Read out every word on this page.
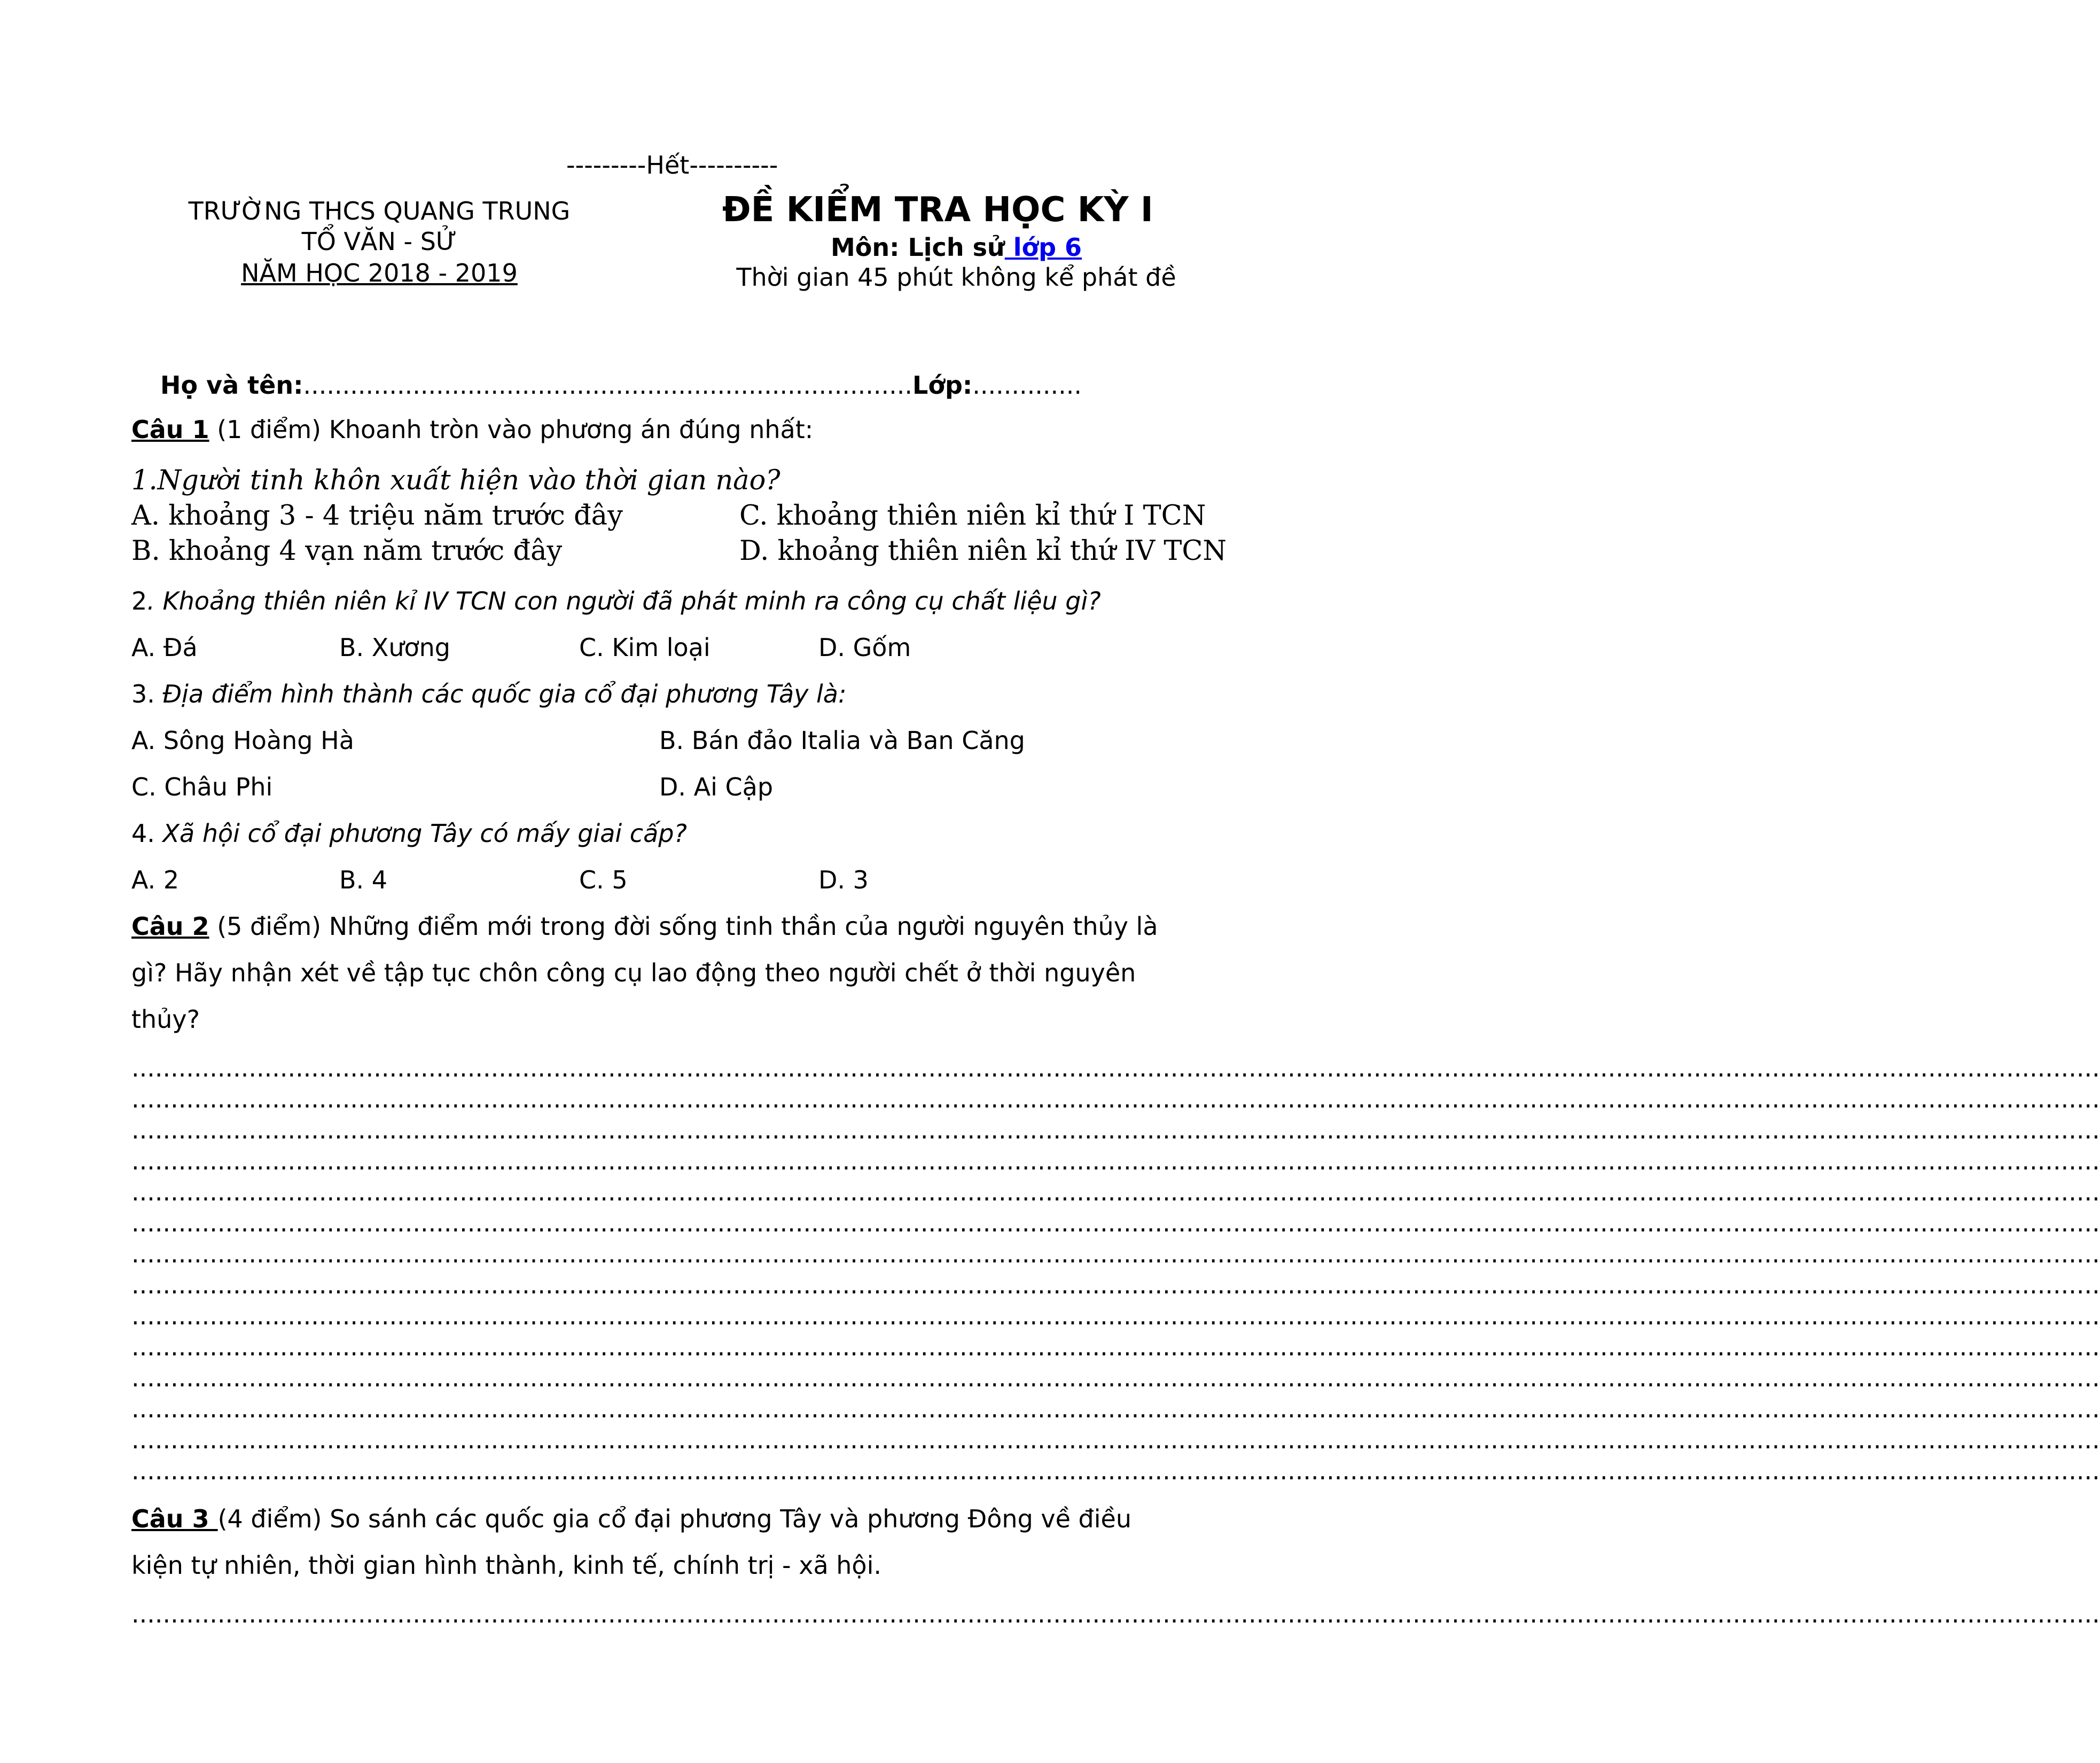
---------Hết----------
TRƯỜNG THCS QUANG TRUNG
TỔ VĂN - SỬ
NĂM HỌC 2018 - 2019
ĐỀ KIỂM TRA HỌC KỲ I
Môn: Lịch sử lớp 6
Thời gian 45 phút không kể phát đề
Họ và tên:..............................................................................Lớp:..............
Câu 1 (1 điểm) Khoanh tròn vào phương án đúng nhất:
1.Người tinh khôn xuất hiện vào thời gian nào?
A. khoảng 3 - 4 triệu năm trước đây	C. khoảng thiên niên kỉ thứ I TCN
B. khoảng 4 vạn năm trước đây	D. khoảng thiên niên kỉ thứ IV TCN
2. Khoảng thiên niên kỉ IV TCN con người đã phát minh ra công cụ chất liệu gì?
A. Đá	B. Xương	C. Kim loại	D. Gốm
3. Địa điểm hình thành các quốc gia cổ đại phương Tây là:
A. Sông Hoàng Hà	B. Bán đảo Italia và Ban Căng
C. Châu Phi	D. Ai Cập
4. Xã hội cổ đại phương Tây có mấy giai cấp?
A. 2	B. 4	C. 5	D. 3
Câu 2 (5 điểm) Những điểm mới trong đời sống tinh thần của người nguyên thủy là
gì? Hãy nhận xét về tập tục chôn công cụ lao động theo người chết ở thời nguyên
thủy?
............................................................................................................................................................................................................................................................
............................................................................................................................................................................................................................................................
............................................................................................................................................................................................................................................................
............................................................................................................................................................................................................................................................
............................................................................................................................................................................................................................................................
............................................................................................................................................................................................................................................................
............................................................................................................................................................................................................................................................
............................................................................................................................................................................................................................................................
............................................................................................................................................................................................................................................................
............................................................................................................................................................................................................................................................
............................................................................................................................................................................................................................................................
............................................................................................................................................................................................................................................................
............................................................................................................................................................................................................................................................
............................................................................................................................................................................................................................................................
Câu 3 (4 điểm) So sánh các quốc gia cổ đại phương Tây và phương Đông về điều
kiện tự nhiên, thời gian hình thành, kinh tế, chính trị - xã hội.
............................................................................................................................................................................................................................................................
